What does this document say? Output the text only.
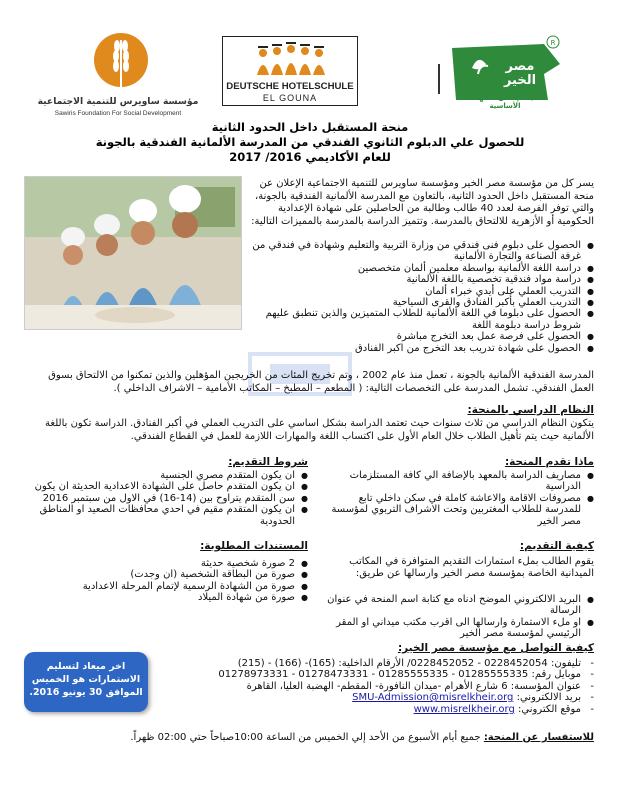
R
مصر الخير
تنمية الإنسان .. مهمتنا الأساسية
DEUTSCHE HOTELSCHULE
EL GOUNA
مؤسسة ساويرس للتنمية الاجتماعية
Sawiris Foundation For Social Development
منحة المستقبل داخل الحدود الثانية
للحصول علي الدبلوم الثانوي الفندقي من المدرسة الألمانية الفندقية بالجونة
للعام الأكاديمي 2016/ 2017
يسر كل من مؤسسة مصر الخير ومؤسسة ساويرس للتنمية الاجتماعية الإعلان عن منحة المستقبل داخل الحدود الثانية، بالتعاون مع المدرسة الألمانية الفندقية بالجونة، والتي توفر الفرصة لعدد 40 طالب وطالبة من الحاصلين على شهادة الإعدادية الحكومية أو الأزهرية للالتحاق بالمدرسة. وتتميز الدراسة بالمدرسة بالمميزات التالية:
● الحصول على دبلوم فنى فندقي من وزارة التربية والتعليم وشهادة في فندقي من غرفة الصناعة والتجارة الألمانية
● دراسة اللغة الألمانية بواسطة معلمين ألمان متخصصين
● دراسة مواد فندقية تخصصية باللغة الألمانية
● التدريب العملي على أيدي خبراء ألمان
● التدريب العملي بأكبر الفنادق والقرى السياحية
● الحصول على دبلوما في اللغة الألمانية للطلاب المتميزين والذين تنطبق عليهم شروط دراسة دبلومة اللغة
● الحصول على فرصة عمل بعد التخرج مباشرة
● الحصول على شهادة تدريب بعد التخرج من اكبر الفنادق
المدرسة الفندقية الألمانية بالجونة ، تعمل منذ عام 2002 ، وتم تخريج المئات من الخريجين المؤهلين والذين تمكنوا من الالتحاق بسوق العمل الفندقي. تشمل المدرسة على التخصصات التالية: ( المطعم – المطبخ – المكاتب الأمامية – الاشراف الداخلي ).
النظام الدراسي بالمنحة:
يتكون النظام الدراسي من ثلاث سنوات حيث تعتمد الدراسة بشكل اساسي على التدريب العملي في أكبر الفنادق. الدراسة تكون باللغة الألمانية حيث يتم تأهيل الطلاب خلال العام الأول على اكتساب اللغة والمهارات اللازمة للعمل في القطاع الفندقي.
ماذا تقدم المنحة:
● مصاريف الدراسة بالمعهد بالإضافة الي كافة المستلزمات الدراسية
● مصروفات الاقامة والاعاشة كاملة في سكن داخلي تابع للمدرسة للطلاب المغتربين وتحت الاشراف التربوي لمؤسسة مصر الخير
كيفية التقديم:
يقوم الطالب بملء استمارات التقديم المتوافرة في المكاتب الميدانية الخاصة بمؤسسة مصر الخير وارسالها عن طريق:
● البريد الالكتروني الموضح ادناه مع كتابة اسم المنحة في عنوان الرسالة
● او ملء الاستمارة وارسالها الى اقرب مكتب ميداني او المقر الرئيسي لمؤسسة مصر الخير
شروط التقديم:
● ان يكون المتقدم مصري الجنسية
● ان يكون المتقدم حاصل على الشهادة الاعدادية الحديثة ان يكون
● سن المتقدم يتراوح بين (14-16) في الاول من سبتمبر 2016
● ان يكون المتقدم مقيم في احدي محافظات الصعيد او المناطق الحدودية
المستندات المطلوبة:
● 2 صورة شخصية حديثة
● صورة من البطاقة الشخصية (ان وجدت)
● صورة من الشهادة الرسمية لإتمام المرحلة الاعدادية
● صورة من شهادة الميلاد
كيفية التواصل مع مؤسسة مصر الخير:
- تليفون: 0228452054 - 0228452052/ الأرقام الداخلية: (165)- (166) - (215)
- موبايل رقم: 01285555335 - 01285555335 - 01278473331 - 01278973331
- عنوان المؤسسة: 6 شارع الأهرام -ميدان النافورة- المقطم- الهضبة العليا، القاهرة
- بريد الالكتروني: SMU-Admission@misrelkheir.org
- موقع الكتروني: www.misrelkheir.org
اخر ميعاد لتسليم
الاستمارات هو الخميس
الموافق 30 يونيو 2016.
للاستفسار عن المنحة: جميع أيام الأسبوع من الأحد إلي الخميس من الساعة 10:00صباحاً حتي 02:00 ظهراً.
